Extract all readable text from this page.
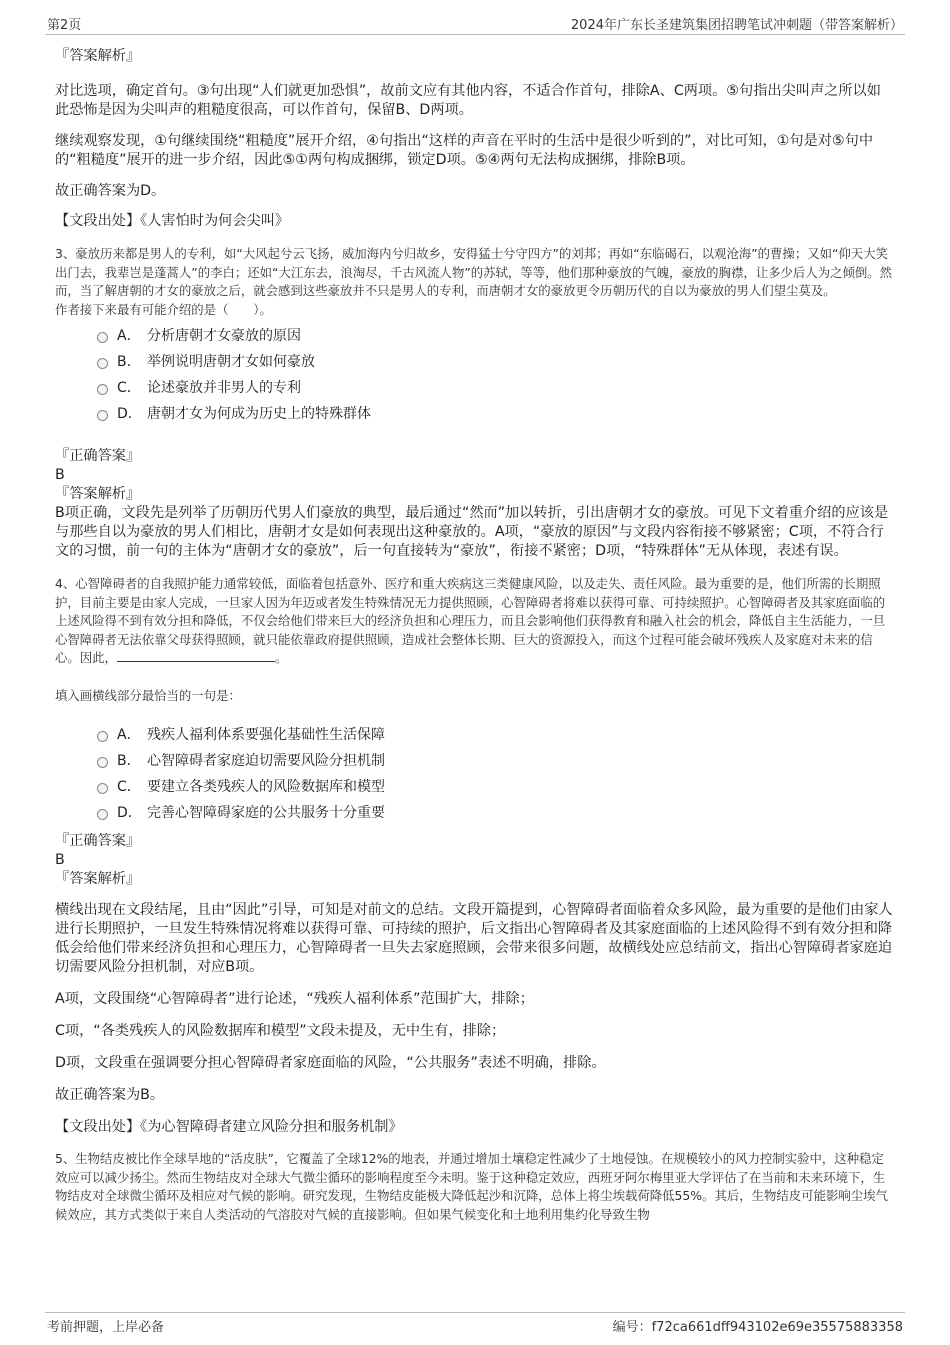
第2页	2024年广东长圣建筑集团招聘笔试冲刺题（带答案解析）
『答案解析』

对比选项，确定首句。③句出现“人们就更加恐惧”，故前文应有其他内容，不适合作首句，排除A、C两项。⑤句指出尖叫声之所以如此恐怖是因为尖叫声的粗糙度很高，可以作首句，保留B、D两项。

继续观察发现，①句继续围绕“粗糙度”展开介绍，④句指出“这样的声音在平时的生活中是很少听到的”，对比可知，①句是对⑤句中的“粗糙度”展开的进一步介绍，因此⑤①两句构成捆绑，锁定D项。⑤④两句无法构成捆绑，排除B项。

故正确答案为D。

【文段出处】《人害怕时为何会尖叫》

3、豪放历来都是男人的专利，如“大风起兮云飞扬，威加海内兮归故乡，安得猛士兮守四方”的刘邦；再如“东临碣石，以观沧海”的曹操；又如“仰天大笑出门去，我辈岂是蓬蒿人”的李白；还如“大江东去，浪淘尽，千古风流人物”的苏轼，等等，他们那种豪放的气魄，豪放的胸襟，让多少后人为之倾倒。然而，当了解唐朝的才女的豪放之后，就会感到这些豪放并不只是男人的专利，而唐朝才女的豪放更令历朝历代的自以为豪放的男人们望尘莫及。

作者接下来最有可能介绍的是（　　）。

A． 分析唐朝才女豪放的原因
B． 举例说明唐朝才女如何豪放
C． 论述豪放并非男人的专利
D． 唐朝才女为何成为历史上的特殊群体
『正确答案』
B
『答案解析』

B项正确，文段先是列举了历朝历代男人们豪放的典型，最后通过“然而”加以转折，引出唐朝才女的豪放。可见下文着重介绍的应该是与那些自以为豪放的男人们相比，唐朝才女是如何表现出这种豪放的。A项，“豪放的原因”与文段内容衔接不够紧密；C项，不符合行文的习惯，前一句的主体为“唐朝才女的豪放”，后一句直接转为“豪放”，衔接不紧密；D项，“特殊群体”无从体现，表述有误。

4、心智障碍者的自我照护能力通常较低，面临着包括意外、医疗和重大疾病这三类健康风险，以及走失、责任风险。最为重要的是，他们所需的长期照护，目前主要是由家人完成，一旦家人因为年迈或者发生特殊情况无力提供照顾，心智障碍者将难以获得可靠、可持续照护。心智障碍者及其家庭面临的上述风险得不到有效分担和降低，不仅会给他们带来巨大的经济负担和心理压力，而且会影响他们获得教育和融入社会的机会，降低自主生活能力，一旦心智障碍者无法依靠父母获得照顾，就只能依靠政府提供照顾，造成社会整体长期、巨大的资源投入，而这个过程可能会破坏残疾人及家庭对未来的信心。因此，	。

填入画横线部分最恰当的一句是：

A． 残疾人福利体系要强化基础性生活保障
B． 心智障碍者家庭迫切需要风险分担机制
C． 要建立各类残疾人的风险数据库和模型
D． 完善心智障碍家庭的公共服务十分重要
『正确答案』
B
『答案解析』

横线出现在文段结尾，且由“因此”引导，可知是对前文的总结。文段开篇提到，心智障碍者面临着众多风险，最为重要的是他们由家人进行长期照护，一旦发生特殊情况将难以获得可靠、可持续的照护，后文指出心智障碍者及其家庭面临的上述风险得不到有效分担和降低会给他们带来经济负担和心理压力，心智障碍者一旦失去家庭照顾，会带来很多问题，故横线处应总结前文，指出心智障碍者家庭迫切需要风险分担机制，对应B项。

A项，文段围绕“心智障碍者”进行论述，“残疾人福利体系”范围扩大，排除；

C项，“各类残疾人的风险数据库和模型”文段未提及，无中生有，排除；

D项，文段重在强调要分担心智障碍者家庭面临的风险，“公共服务”表述不明确，排除。

故正确答案为B。

【文段出处】《为心智障碍者建立风险分担和服务机制》

5、生物结皮被比作全球旱地的“活皮肤”，它覆盖了全球12%的地表，并通过增加土壤稳定性减少了土地侵蚀。在规模较小的风力控制实验中，这种稳定效应可以减少扬尘。然而生物结皮对全球大气微尘循环的影响程度至今未明。鉴于这种稳定效应，西班牙阿尔梅里亚大学评估了在当前和未来环境下，生物结皮对全球微尘循环及相应对气候的影响。研究发现，生物结皮能极大降低起沙和沉降，总体上将尘埃载荷降低55%。其后，生物结皮可能影响尘埃气候效应，其方式类似于来自人类活动的气溶胶对气候的直接影响。但如果气候变化和土地利用集约化导致生物

考前押题，上岸必备	编号：f72ca661dff943102e69e35575883358
